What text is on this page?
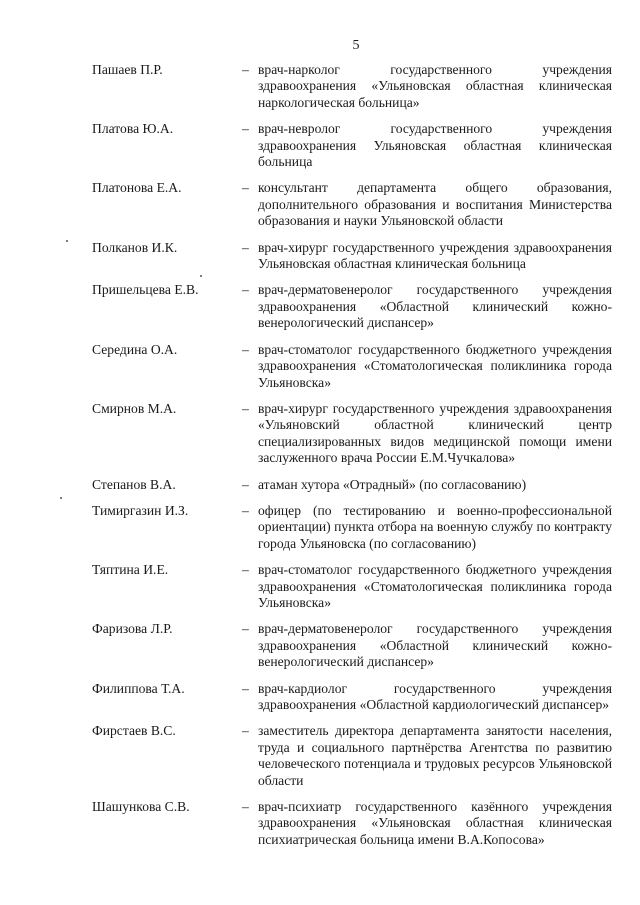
5
Пашаев П.Р.	– врач-нарколог государственного учреждения здравоохранения «Ульяновская областная клиническая наркологическая больница»
Платова Ю.А.	– врач-невролог государственного учреждения здравоохранения Ульяновская областная клиническая больница
Платонова Е.А.	– консультант департамента общего образования, дополнительного образования и воспитания Министерства образования и науки Ульяновской области
Полканов И.К.	– врач-хирург государственного учреждения здравоохранения Ульяновская областная клиническая больница
Пришельцева Е.В.	– врач-дерматовенеролог государственного учреждения здравоохранения «Областной клинический кожно-венерологический диспансер»
Середина О.А.	– врач-стоматолог государственного бюджетного учреждения здравоохранения «Стоматологическая поликлиника города Ульяновска»
Смирнов М.А.	– врач-хирург государственного учреждения здравоохранения «Ульяновский областной клинический центр специализированных видов медицинской помощи имени заслуженного врача России Е.М.Чучкалова»
Степанов В.А.	– атаман хутора «Отрадный» (по согласованию)
Тимиргазин И.З.	– офицер (по тестированию и военно-профессиональной ориентации) пункта отбора на военную службу по контракту города Ульяновска (по согласованию)
Тяптина И.Е.	– врач-стоматолог государственного бюджетного учреждения здравоохранения «Стоматологическая поликлиника города Ульяновска»
Фаризова Л.Р.	– врач-дерматовенеролог государственного учреждения здравоохранения «Областной клинический кожно-венерологический диспансер»
Филиппова Т.А.	– врач-кардиолог государственного учреждения здравоохранения «Областной кардиологический диспансер»
Фирстаев В.С.	– заместитель директора департамента занятости населения, труда и социального партнёрства Агентства по развитию человеческого потенциала и трудовых ресурсов Ульяновской области
Шашункова С.В.	– врач-психиатр государственного казённого учреждения здравоохранения «Ульяновская областная клиническая психиатрическая больница имени В.А.Копосова»
